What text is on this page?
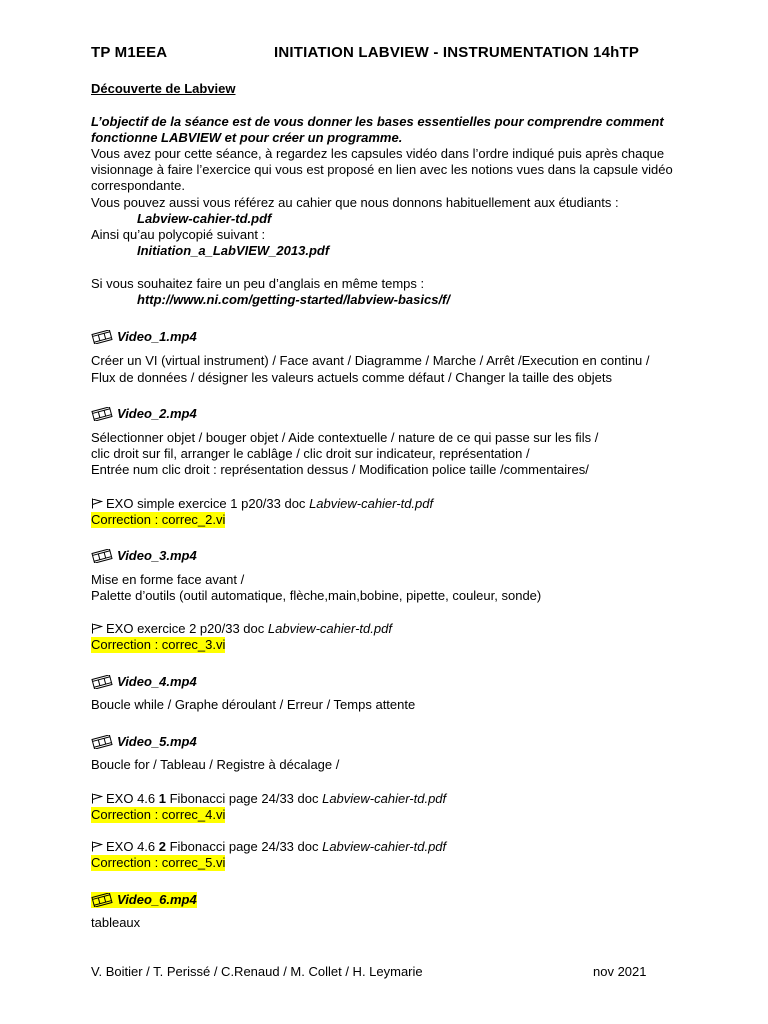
TP M1EEA	INITIATION LABVIEW - INSTRUMENTATION 14hTP
Découverte de Labview
L’objectif de la séance est de vous donner les bases essentielles pour comprendre comment
fonctionne LABVIEW et pour créer un programme.
Vous avez pour cette séance, à regardez les capsules vidéo dans l’ordre indiqué puis après chaque
visionnage à faire l’exercice qui vous est proposé en lien avec les notions vues dans la capsule vidéo
correspondante.
Vous pouvez aussi vous référez au cahier que nous donnons habituellement aux étudiants :
Labview-cahier-td.pdf
Ainsi qu’au polycopié suivant :
Initiation_a_LabVIEW_2013.pdf
Si vous souhaitez faire un peu d’anglais en même temps :
http://www.ni.com/getting-started/labview-basics/f/
Video_1.mp4
Créer un VI (virtual instrument) / Face avant / Diagramme / Marche / Arrêt /Execution en continu /
Flux de données / désigner les valeurs actuels comme défaut / Changer la taille des objets
Video_2.mp4
Sélectionner objet / bouger objet / Aide contextuelle / nature de ce qui passe sur les fils /
clic droit sur fil, arranger le cablâge / clic droit sur indicateur, représentation /
Entrée num clic droit : représentation dessus / Modification police taille /commentaires/
EXO simple exercice 1 p20/33 doc Labview-cahier-td.pdf
Correction : correc_2.vi
Video_3.mp4
Mise en forme face avant /
Palette d’outils (outil automatique, flèche,main,bobine, pipette, couleur, sonde)
EXO exercice 2 p20/33 doc Labview-cahier-td.pdf
Correction : correc_3.vi
Video_4.mp4
Boucle while / Graphe déroulant / Erreur / Temps attente
Video_5.mp4
Boucle for / Tableau / Registre à décalage /
EXO 4.6 1 Fibonacci page 24/33 doc Labview-cahier-td.pdf
Correction : correc_4.vi
EXO 4.6 2 Fibonacci page 24/33 doc Labview-cahier-td.pdf
Correction : correc_5.vi
Video_6.mp4
tableaux
V. Boitier / T. Perissé / C.Renaud / M. Collet / H. Leymarie	nov 2021
